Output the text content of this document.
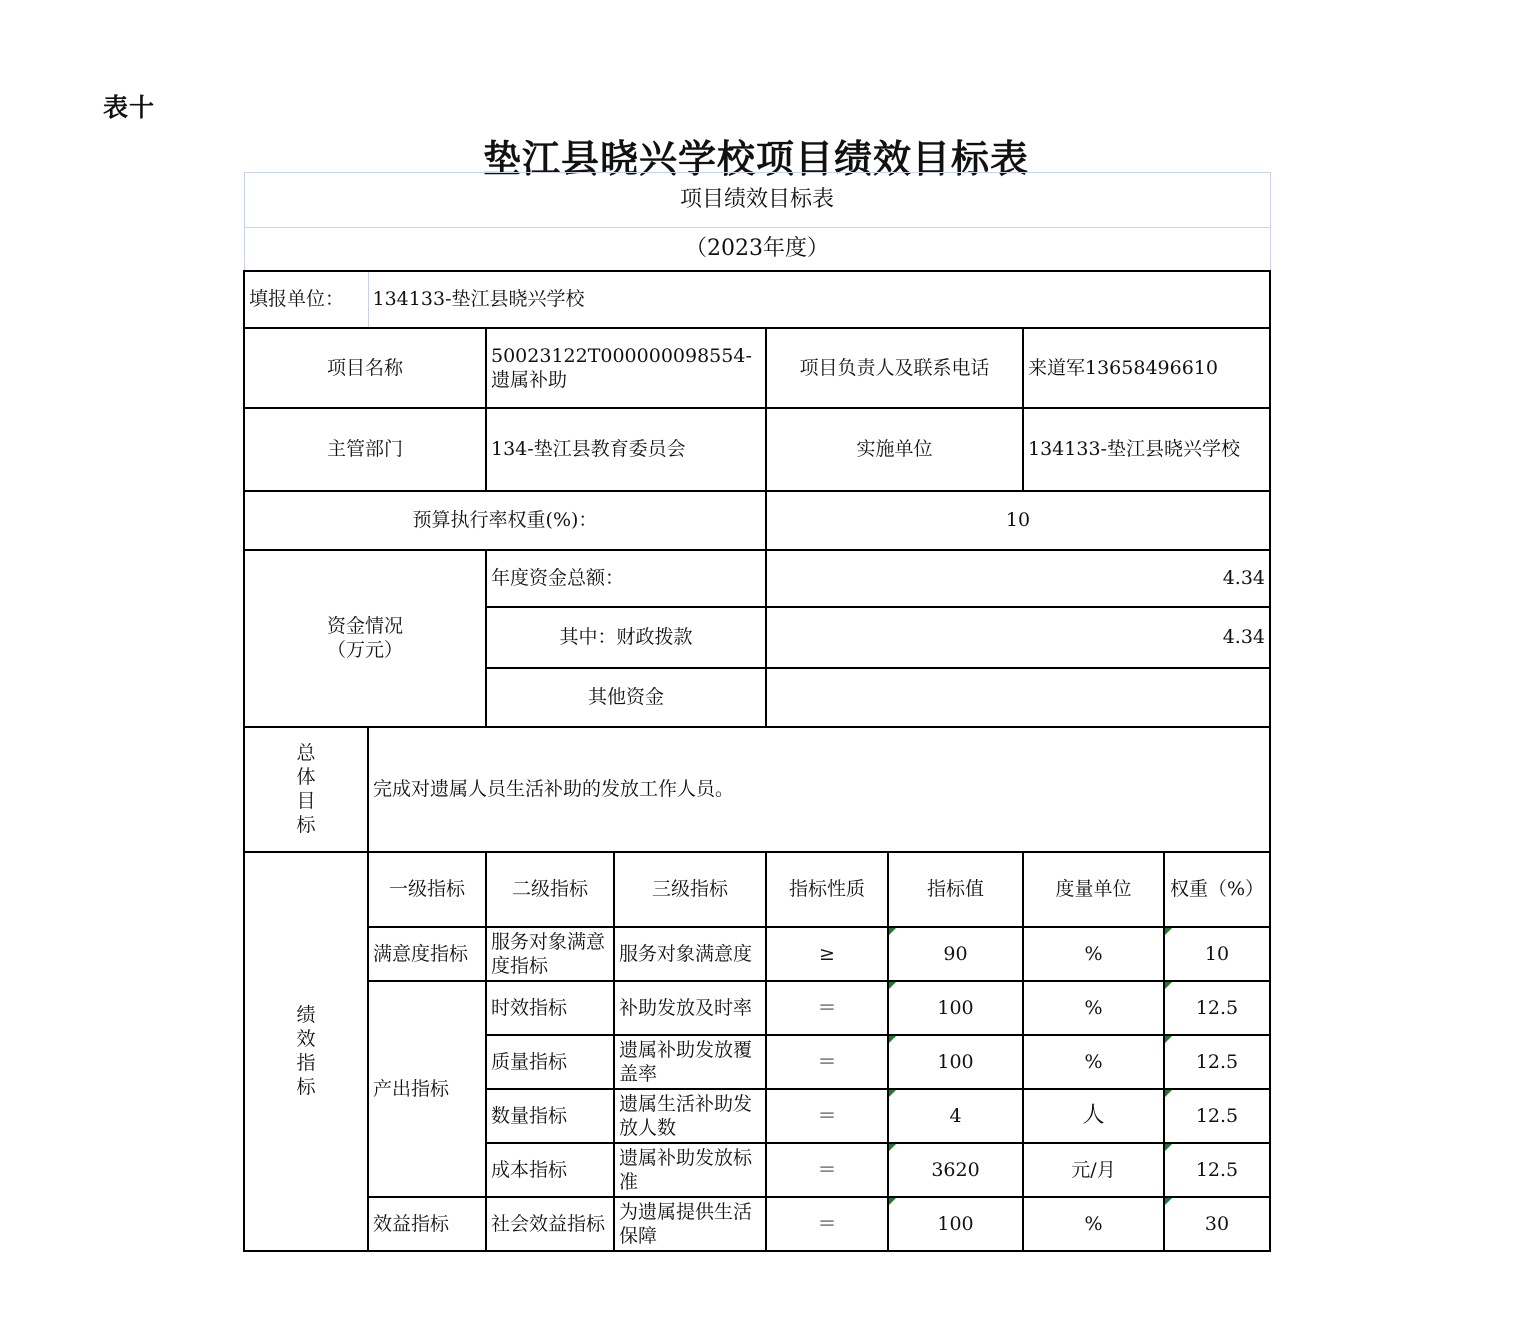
表十
垫江县晓兴学校项目绩效目标表
项目绩效目标表							
（2023年度）							
填报单位：	134133-垫江县晓兴学校						
项目名称		50023122T000000098554-遗属补助		项目负责人及联系电话		来道军13658496610	
主管部门		134-垫江县教育委员会		实施单位		134133-垫江县晓兴学校	
预算执行率权重(%)：				10			

资金情况
（万元）		年度资金总额：		4.34			
		其中：财政拨款		4.34			
		其他资金					

总
体
目
标	完成对遗属人员生活补助的发放工作人员。						

绩
效
指
标	一级指标	二级指标	三级指标	指标性质	指标值	度量单位	权重（%）
	满意度指标	服务对象满意度指标	服务对象满意度	≥	90	%	10
	产出指标	时效指标	补助发放及时率	＝	100	%	12.5
		质量指标	遗属补助发放覆盖率	＝	100	%	12.5
		数量指标	遗属生活补助发放人数	＝	4	人	12.5
		成本指标	遗属补助发放标准	＝	3620	元/月	12.5
	效益指标	社会效益指标	为遗属提供生活保障	＝	100	%	30
